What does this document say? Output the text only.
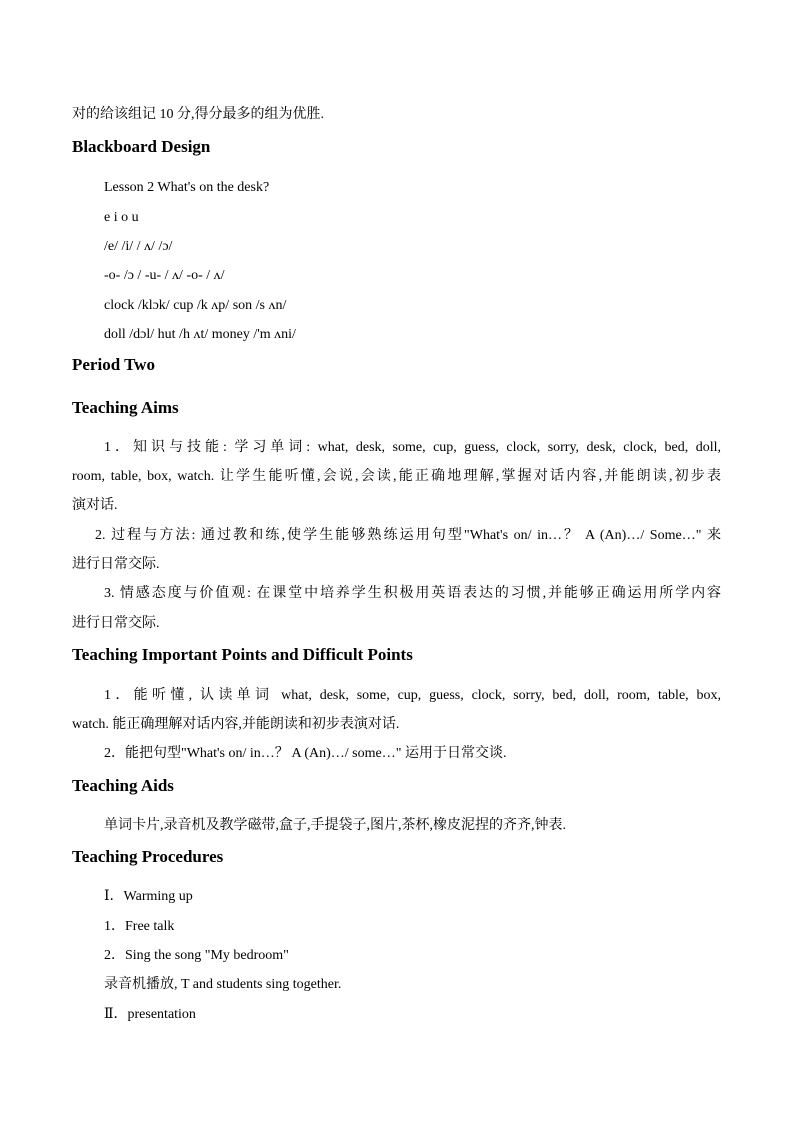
对的给该组记 10 分,得分最多的组为优胜.
Blackboard Design
Lesson 2 What's on the desk?
e i o u
/e/ /i/ / ʌ/ /ɔ/
-o- /ɔ / -u- / ʌ/ -o- / ʌ/
clock /klɔk/ cup /k ʌp/ son /s ʌn/
doll /dɔl/ hut /h ʌt/ money /'m ʌni/
Period Two
Teaching Aims
1．知识与技能: 学习单词: what, desk, some, cup, guess, clock, sorry, desk, clock, bed, doll,
room, table, box, watch. 让学生能听懂,会说,会读,能正确地理解,掌握对话内容,并能朗读,初步表
演对话.
2. 过程与方法: 通过教和练,使学生能够熟练运用句型"What's on/ in…？ A (An)…/ Some…" 来
进行日常交际.
3. 情感态度与价值观: 在课堂中培养学生积极用英语表达的习惯,并能够正确运用所学内容
进行日常交际.
Teaching Important Points and Difficult Points
1．能听懂, 认读单词 what, desk, some, cup, guess, clock, sorry, bed, doll, room, table, box,
watch. 能正确理解对话内容,并能朗读和初步表演对话.
2．能把句型"What's on/ in…？ A (An)…/ some…" 运用于日常交谈.
Teaching Aids
单词卡片,录音机及教学磁带,盒子,手提袋子,图片,茶杯,橡皮泥捏的齐齐,钟表.
Teaching Procedures
Ⅰ．Warming up
1．Free talk
2．Sing the song "My bedroom"
录音机播放, T and students sing together.
Ⅱ．presentation
